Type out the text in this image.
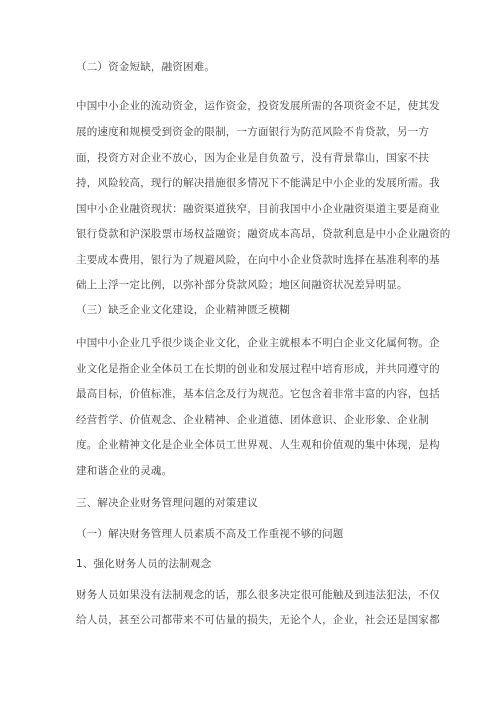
（二）资金短缺，融资困难。
中国中小企业的流动资金，运作资金，投资发展所需的各项资金不足，使其发
展的速度和规模受到资金的限制，一方面银行为防范风险不肯贷款，另一方
面，投资方对企业不放心，因为企业是自负盈亏，没有背景靠山，国家不扶
持，风险较高，现行的解决措施很多情况下不能满足中小企业的发展所需。我
国中小企业融资现状：融资渠道狭窄，目前我国中小企业融资渠道主要是商业
银行贷款和沪深股票市场权益融资；融资成本高昂，贷款利息是中小企业融资的
主要成本费用，银行为了规避风险，在向中小企业贷款时选择在基准利率的基
础上上浮一定比例，以弥补部分贷款风险；地区间融资状况差异明显。
（三）缺乏企业文化建设，企业精神匮乏模糊
中国中小企业几乎很少谈企业文化，企业主就根本不明白企业文化属何物。企
业文化是指企业全体员工在长期的创业和发展过程中培育形成，并共同遵守的
最高目标，价值标准，基本信念及行为规范。它包含着非常丰富的内容，包括
经营哲学、价值观念、企业精神、企业道德、团体意识、企业形象、企业制
度。企业精神文化是企业全体员工世界观、人生观和价值观的集中体现，是构
建和谐企业的灵魂。
三、解决企业财务管理问题的对策建议
（一）解决财务管理人员素质不高及工作重视不够的问题
1、强化财务人员的法制观念
财务人员如果没有法制观念的话，那么很多决定很可能触及到违法犯法，不仅
给人员，甚至公司都带来不可估量的损失，无论个人，企业，社会还是国家都
